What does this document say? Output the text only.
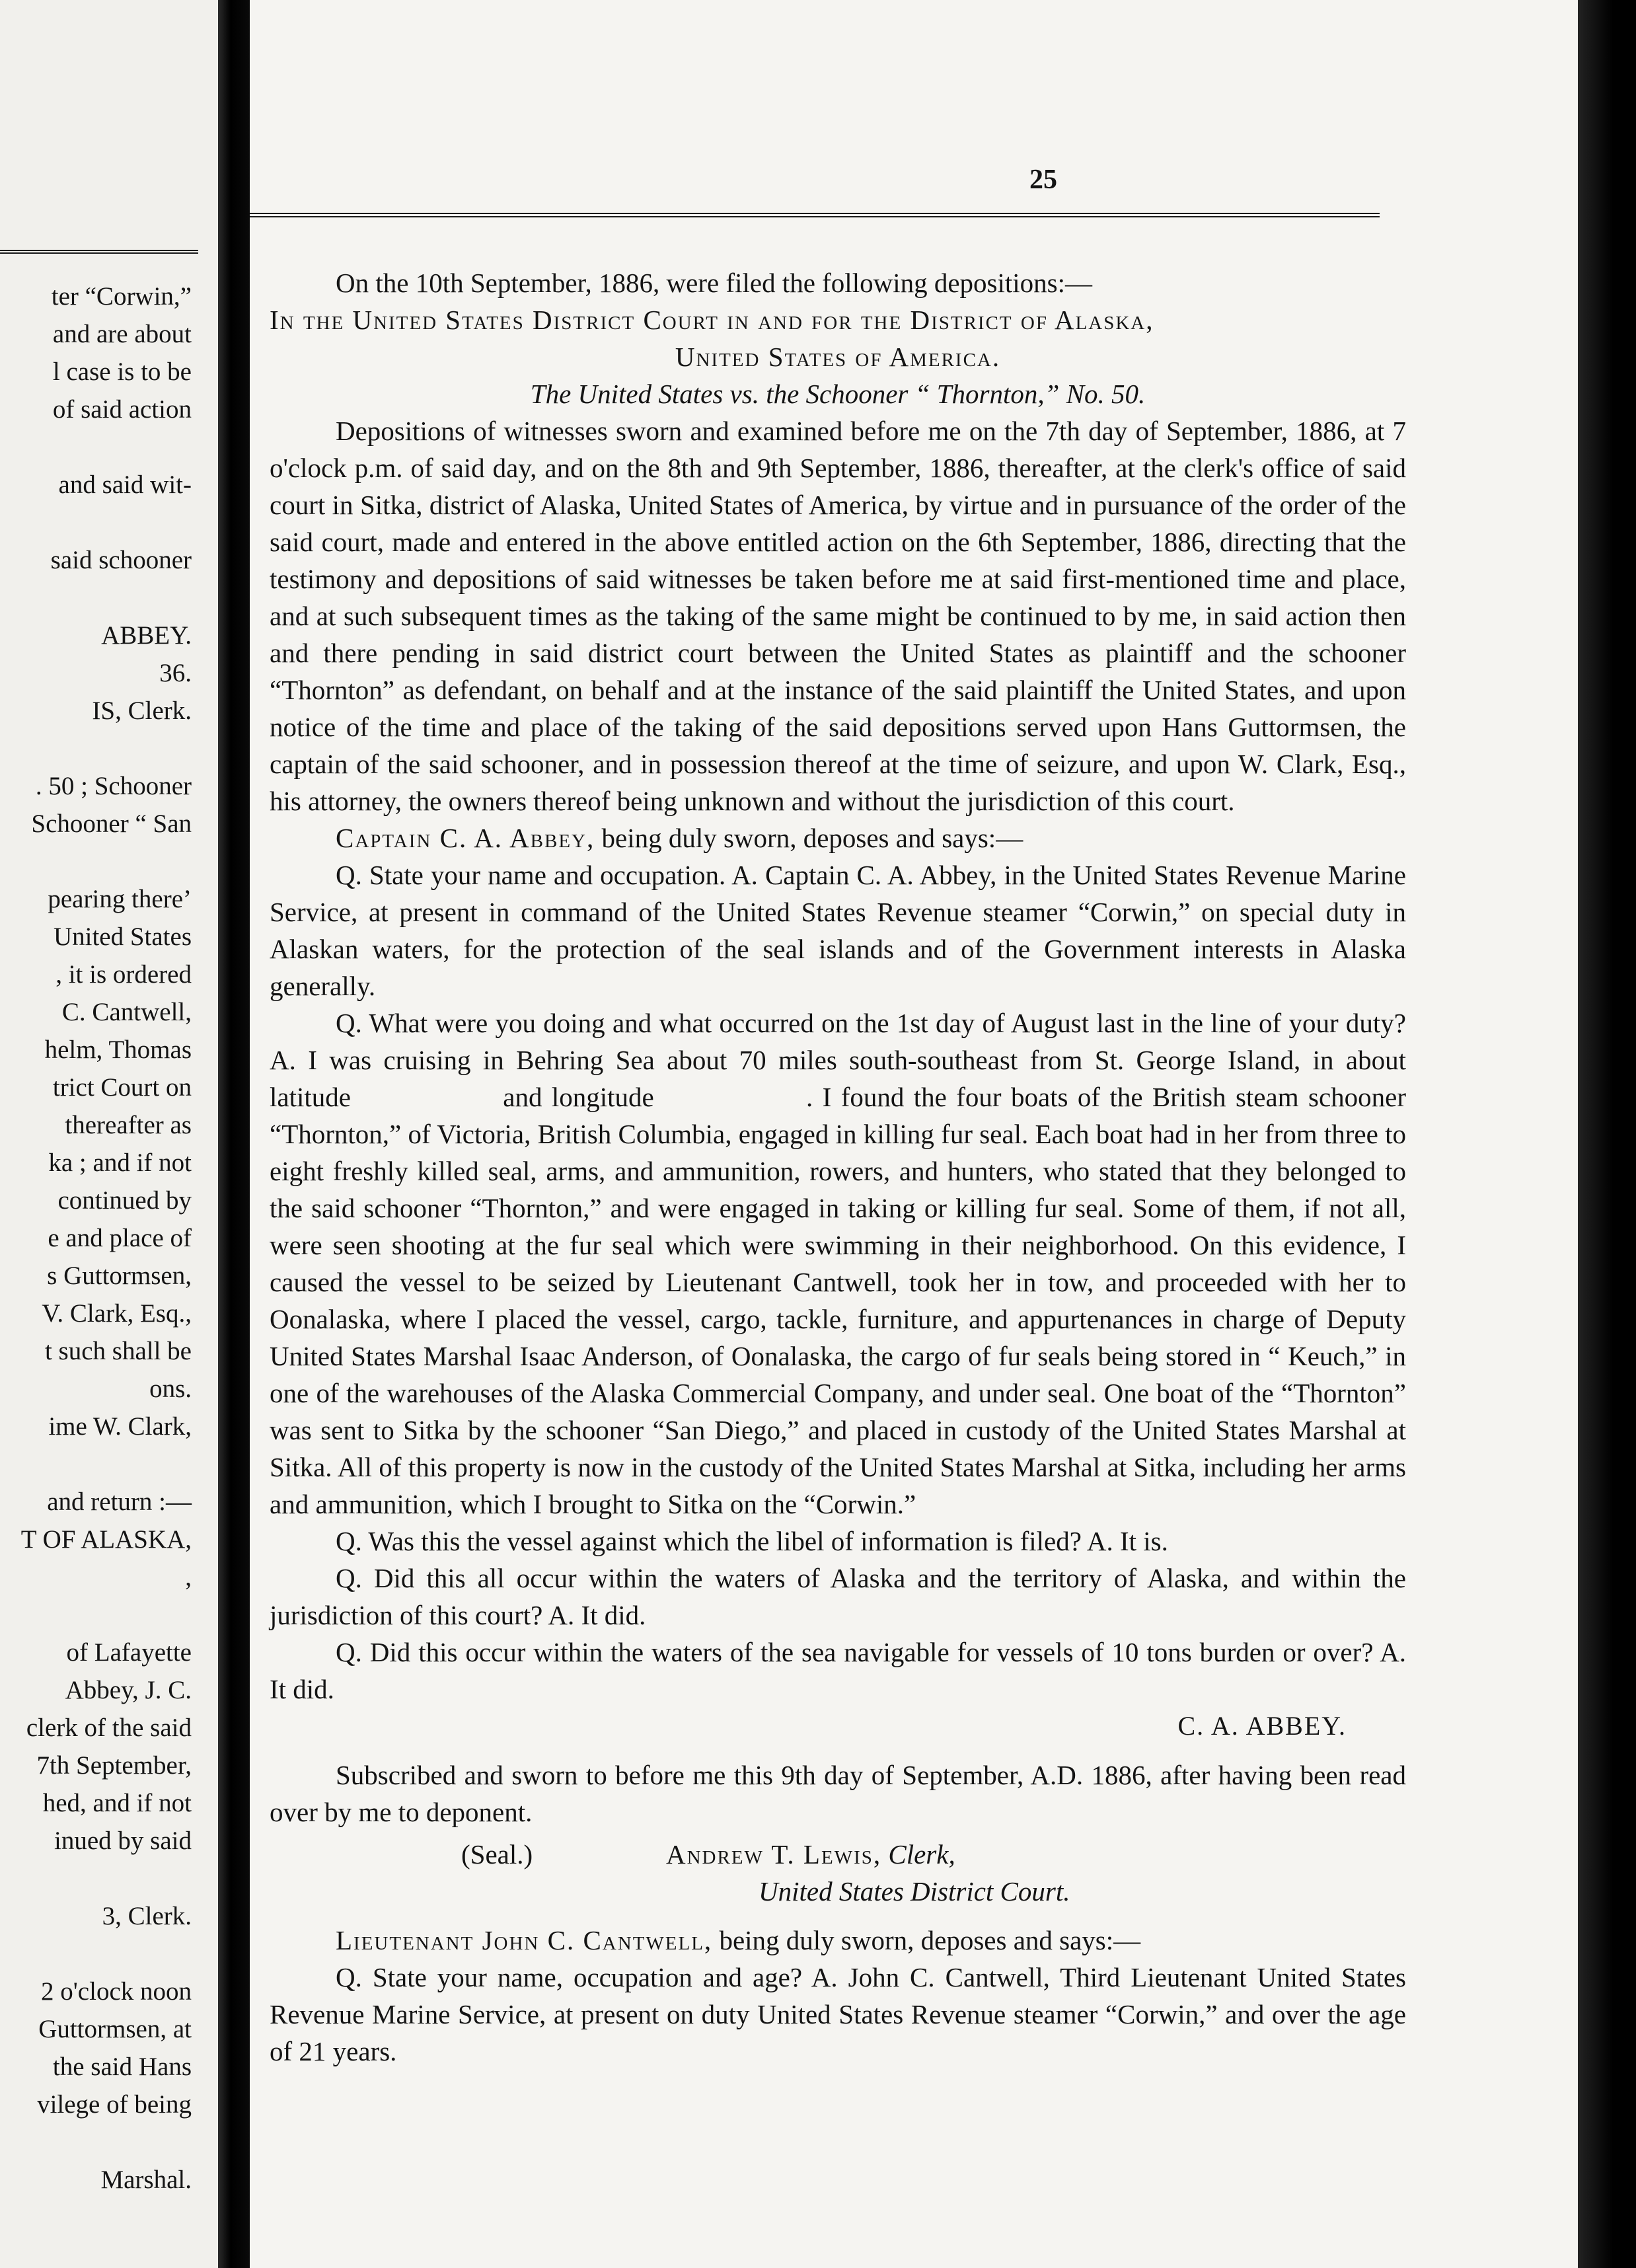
ter “Corwin,”
and are about
l case is to be
of said action

and said wit-

said schooner

ABBEY.
36.
IS, Clerk.

. 50 ; Schooner
Schooner “ San

pearing there’
United States
, it is ordered
C. Cantwell,
helm, Thomas
trict Court on
thereafter as
ka ; and if not
continued by
e and place of
s Guttormsen,
V. Clark, Esq.,
t such shall be
ons.
ime W. Clark,

and return :—
T OF ALASKA,
,

of Lafayette
Abbey, J. C.
clerk of the said
7th September,
hed, and if not
inued by said

3, Clerk.

2 o'clock noon
Guttormsen, at
the said Hans
vilege of being

Marshal.
25

On the 10th September, 1886, were filed the following depositions:—

In the United States District Court in and for the District of Alaska,

United States of America.

The United States vs. the Schooner “ Thornton,” No. 50.

Depositions of witnesses sworn and examined before me on the 7th day of September, 1886, at 7 o'clock p.m. of said day, and on the 8th and 9th September, 1886, thereafter, at the clerk's office of said court in Sitka, district of Alaska, United States of America, by virtue and in pursuance of the order of the said court, made and entered in the above entitled action on the 6th September, 1886, directing that the testimony and depositions of said witnesses be taken before me at said first-mentioned time and place, and at such subsequent times as the taking of the same might be continued to by me, in said action then and there pending in said district court between the United States as plaintiff and the schooner “Thornton” as defendant, on behalf and at the instance of the said plaintiff the United States, and upon notice of the time and place of the taking of the said depositions served upon Hans Guttormsen, the captain of the said schooner, and in possession thereof at the time of seizure, and upon W. Clark, Esq., his attorney, the owners thereof being unknown and without the jurisdiction of this court.

Captain C. A. Abbey, being duly sworn, deposes and says:—

Q. State your name and occupation. A. Captain C. A. Abbey, in the United States Revenue Marine Service, at present in command of the United States Revenue steamer “Corwin,” on special duty in Alaskan waters, for the protection of the seal islands and of the Government interests in Alaska generally.

Q. What were you doing and what occurred on the 1st day of August last in the line of your duty? A. I was cruising in Behring Sea about 70 miles south-southeast from St. George Island, in about latitude                and longitude                . I found the four boats of the British steam schooner “Thornton,” of Victoria, British Columbia, engaged in killing fur seal. Each boat had in her from three to eight freshly killed seal, arms, and ammunition, rowers, and hunters, who stated that they belonged to the said schooner “Thornton,” and were engaged in taking or killing fur seal. Some of them, if not all, were seen shooting at the fur seal which were swimming in their neighborhood. On this evidence, I caused the vessel to be seized by Lieutenant Cantwell, took her in tow, and proceeded with her to Oonalaska, where I placed the vessel, cargo, tackle, furniture, and appurtenances in charge of Deputy United States Marshal Isaac Anderson, of Oonalaska, the cargo of fur seals being stored in “ Keuch,” in one of the warehouses of the Alaska Commercial Company, and under seal. One boat of the “Thornton” was sent to Sitka by the schooner “San Diego,” and placed in custody of the United States Marshal at Sitka. All of this property is now in the custody of the United States Marshal at Sitka, including her arms and ammunition, which I brought to Sitka on the “Corwin.”

Q. Was this the vessel against which the libel of information is filed? A. It is.

Q. Did this all occur within the waters of Alaska and the territory of Alaska, and within the jurisdiction of this court? A. It did.

Q. Did this occur within the waters of the sea navigable for vessels of 10 tons burden or over? A. It did.

C. A. ABBEY.

Subscribed and sworn to before me this 9th day of September, A.D. 1886, after having been read over by me to deponent.

(Seal.)	Andrew T. Lewis, Clerk,

United States District Court.

Lieutenant John C. Cantwell, being duly sworn, deposes and says:—

Q. State your name, occupation and age? A. John C. Cantwell, Third Lieutenant United States Revenue Marine Service, at present on duty United States Revenue steamer “Corwin,” and over the age of 21 years.
